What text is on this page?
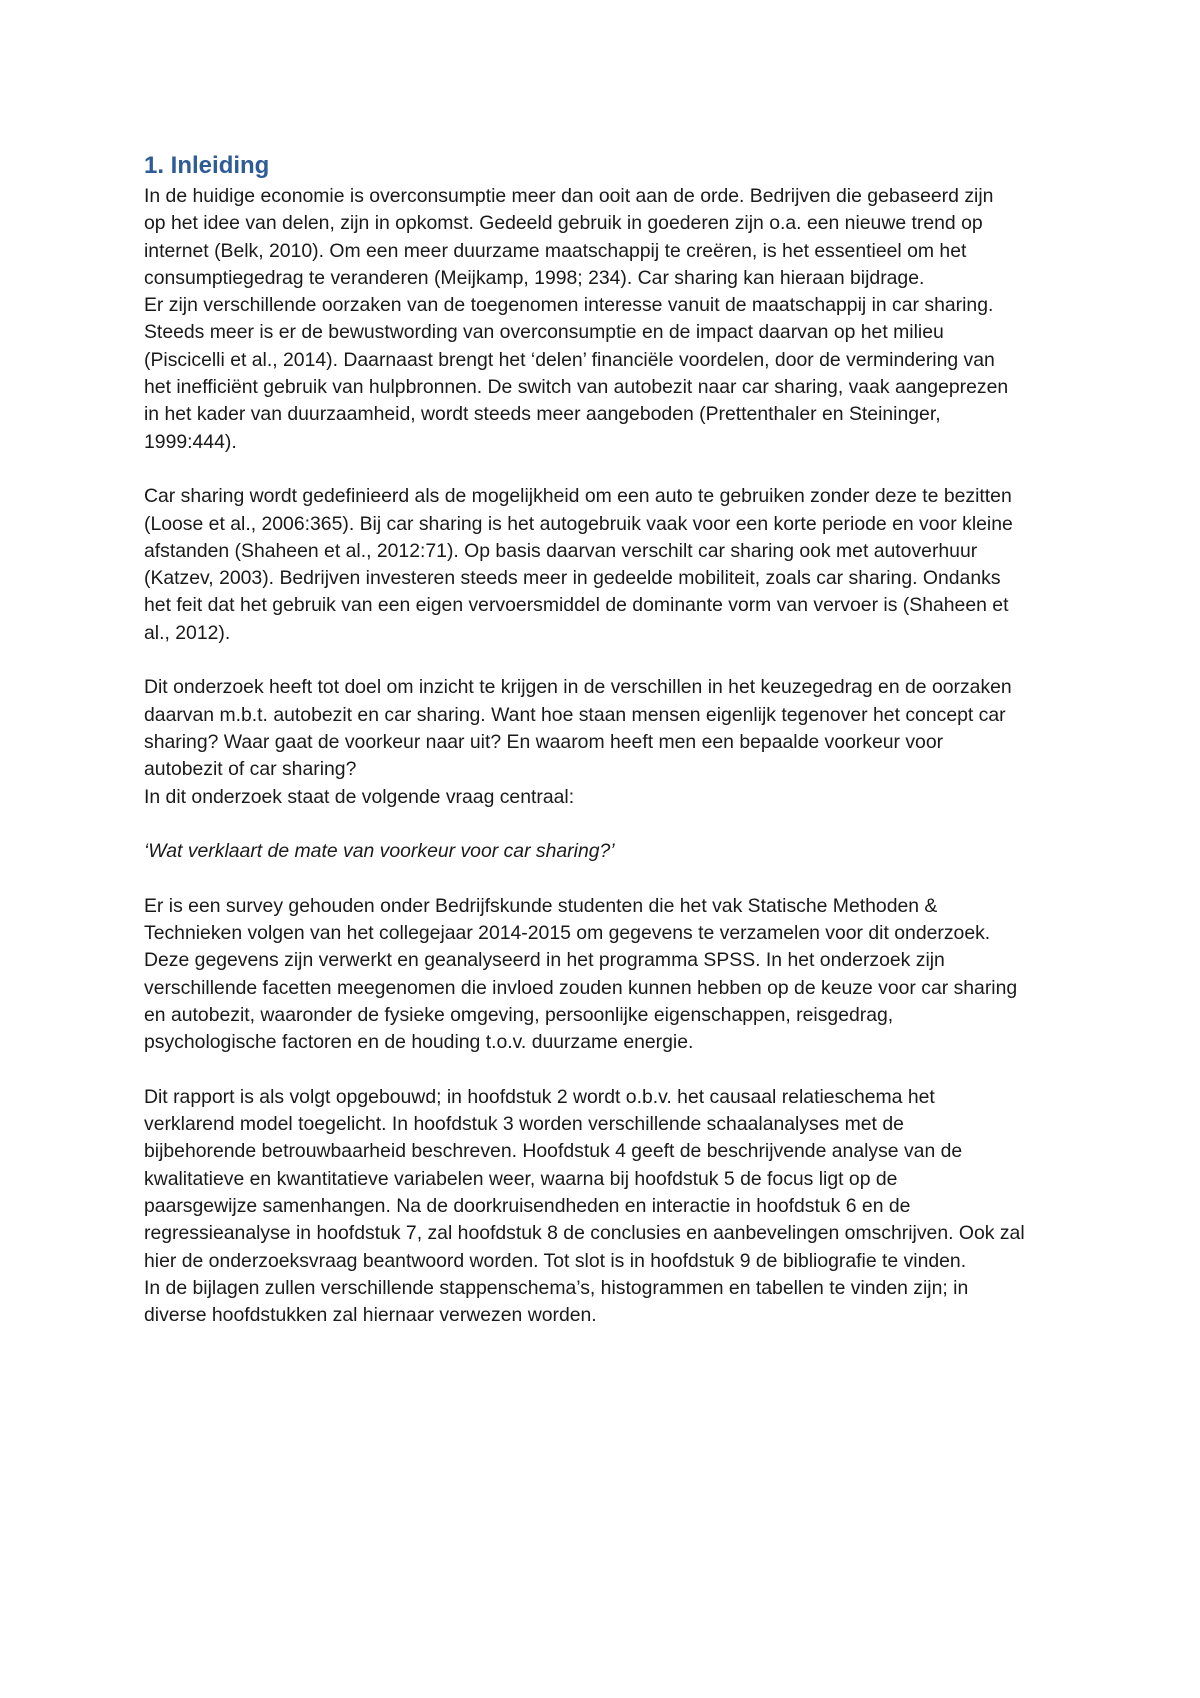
1. Inleiding

In de huidige economie is overconsumptie meer dan ooit aan de orde. Bedrijven die gebaseerd zijn
op het idee van delen, zijn in opkomst. Gedeeld gebruik in goederen zijn o.a. een nieuwe trend op
internet (Belk, 2010). Om een meer duurzame maatschappij te creëren, is het essentieel om het
consumptiegedrag te veranderen (Meijkamp, 1998; 234). Car sharing kan hieraan bijdrage.
Er zijn verschillende oorzaken van de toegenomen interesse vanuit de maatschappij in car sharing.
Steeds meer is er de bewustwording van overconsumptie en de impact daarvan op het milieu
(Piscicelli et al., 2014). Daarnaast brengt het ‘delen’ financiële voordelen, door de vermindering van
het inefficiënt gebruik van hulpbronnen. De switch van autobezit naar car sharing, vaak aangeprezen
in het kader van duurzaamheid, wordt steeds meer aangeboden (Prettenthaler en Steininger,
1999:444).

Car sharing wordt gedefinieerd als de mogelijkheid om een auto te gebruiken zonder deze te bezitten
(Loose et al., 2006:365). Bij car sharing is het autogebruik vaak voor een korte periode en voor kleine
afstanden (Shaheen et al., 2012:71). Op basis daarvan verschilt car sharing ook met autoverhuur
(Katzev, 2003). Bedrijven investeren steeds meer in gedeelde mobiliteit, zoals car sharing. Ondanks
het feit dat het gebruik van een eigen vervoersmiddel de dominante vorm van vervoer is (Shaheen et
al., 2012).

Dit onderzoek heeft tot doel om inzicht te krijgen in de verschillen in het keuzegedrag en de oorzaken
daarvan m.b.t. autobezit en car sharing. Want hoe staan mensen eigenlijk tegenover het concept car
sharing? Waar gaat de voorkeur naar uit? En waarom heeft men een bepaalde voorkeur voor
autobezit of car sharing?
In dit onderzoek staat de volgende vraag centraal:

‘Wat verklaart de mate van voorkeur voor car sharing?’

Er is een survey gehouden onder Bedrijfskunde studenten die het vak Statische Methoden &
Technieken volgen van het collegejaar 2014-2015 om gegevens te verzamelen voor dit onderzoek.
Deze gegevens zijn verwerkt en geanalyseerd in het programma SPSS. In het onderzoek zijn
verschillende facetten meegenomen die invloed zouden kunnen hebben op de keuze voor car sharing
en autobezit, waaronder de fysieke omgeving, persoonlijke eigenschappen, reisgedrag,
psychologische factoren en de houding t.o.v. duurzame energie.

Dit rapport is als volgt opgebouwd; in hoofdstuk 2 wordt o.b.v. het causaal relatieschema het
verklarend model toegelicht. In hoofdstuk 3 worden verschillende schaalanalyses met de
bijbehorende betrouwbaarheid beschreven. Hoofdstuk 4 geeft de beschrijvende analyse van de
kwalitatieve en kwantitatieve variabelen weer, waarna bij hoofdstuk 5 de focus ligt op de
paarsgewijze samenhangen. Na de doorkruisendheden en interactie in hoofdstuk 6 en de
regressieanalyse in hoofdstuk 7, zal hoofdstuk 8 de conclusies en aanbevelingen omschrijven. Ook zal
hier de onderzoeksvraag beantwoord worden. Tot slot is in hoofdstuk 9 de bibliografie te vinden.
In de bijlagen zullen verschillende stappenschema’s, histogrammen en tabellen te vinden zijn; in
diverse hoofdstukken zal hiernaar verwezen worden.
